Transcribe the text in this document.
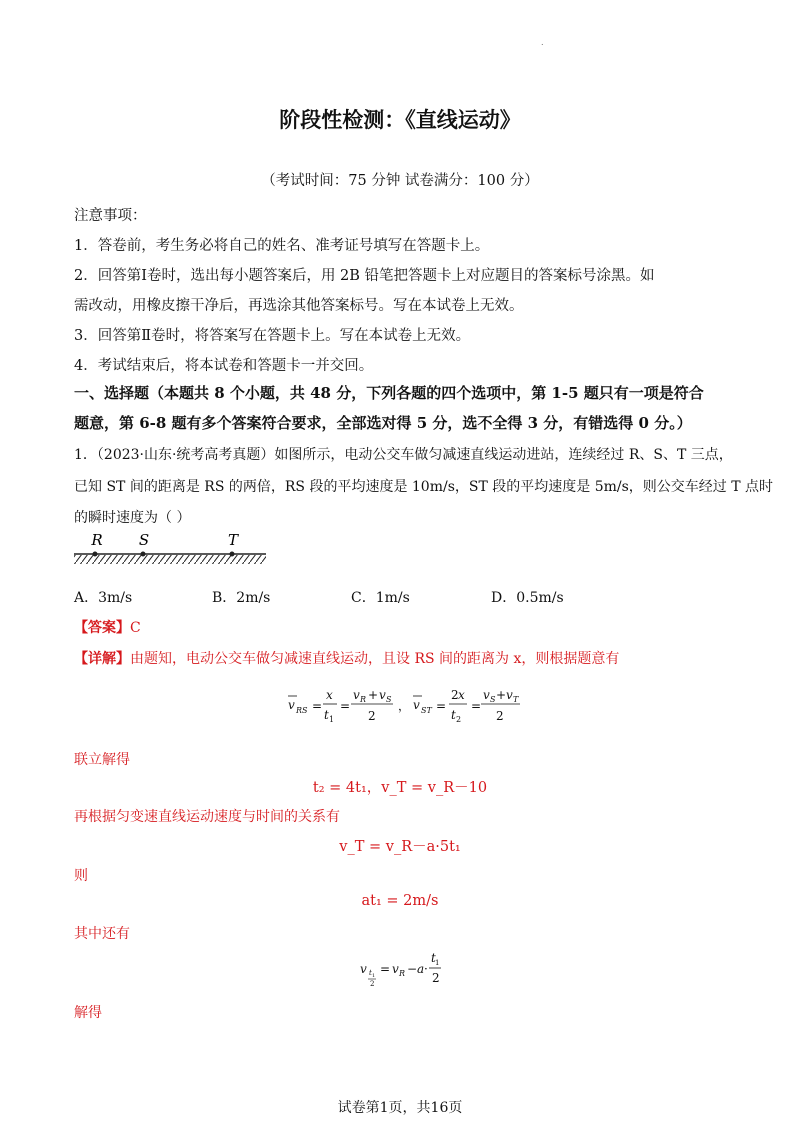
.
阶段性检测：《直线运动》
（考试时间：75 分钟 试卷满分：100 分）
注意事项：
1．答卷前，考生务必将自己的姓名、准考证号填写在答题卡上。
2．回答第Ⅰ卷时，选出每小题答案后，用 2B 铅笔把答题卡上对应题目的答案标号涂黑。如
需改动，用橡皮擦干净后，再选涂其他答案标号。写在本试卷上无效。
3．回答第Ⅱ卷时，将答案写在答题卡上。写在本试卷上无效。
4．考试结束后，将本试卷和答题卡一并交回。
一、选择题（本题共 8 个小题，共 48 分，下列各题的四个选项中，第 1-5 题只有一项是符合
题意，第 6-8 题有多个答案符合要求，全部选对得 5 分，选不全得 3 分，有错选得 0 分。）
1．（2023·山东·统考高考真题）如图所示，电动公交车做匀减速直线运动进站，连续经过 R、S、T 三点，
已知 ST 间的距离是 RS 的两倍，RS 段的平均速度是 10m/s，ST 段的平均速度是 5m/s，则公交车经过 T 点时
的瞬时速度为（ ）
R S	T
A．3m/s	B．2m/s	C．1m/s	D．0.5m/s
【答案】C
【详解】由题知，电动公交车做匀减速直线运动，且设 RS 间的距离为 x，则根据题意有
v RS =
x
t 1
=
v R + v S
2
， v ST =
2 x
t 2
=
v S + v T
2
联立解得
t₂ = 4t₁，v_T = v_R－10
再根据匀变速直线运动速度与时间的关系有
v_T = v_R－a·5t₁
则
at₁ = 2m/s
其中还有
v t 1
2
= v R − a ·
t 1
2
解得
试卷第1页，共16页
